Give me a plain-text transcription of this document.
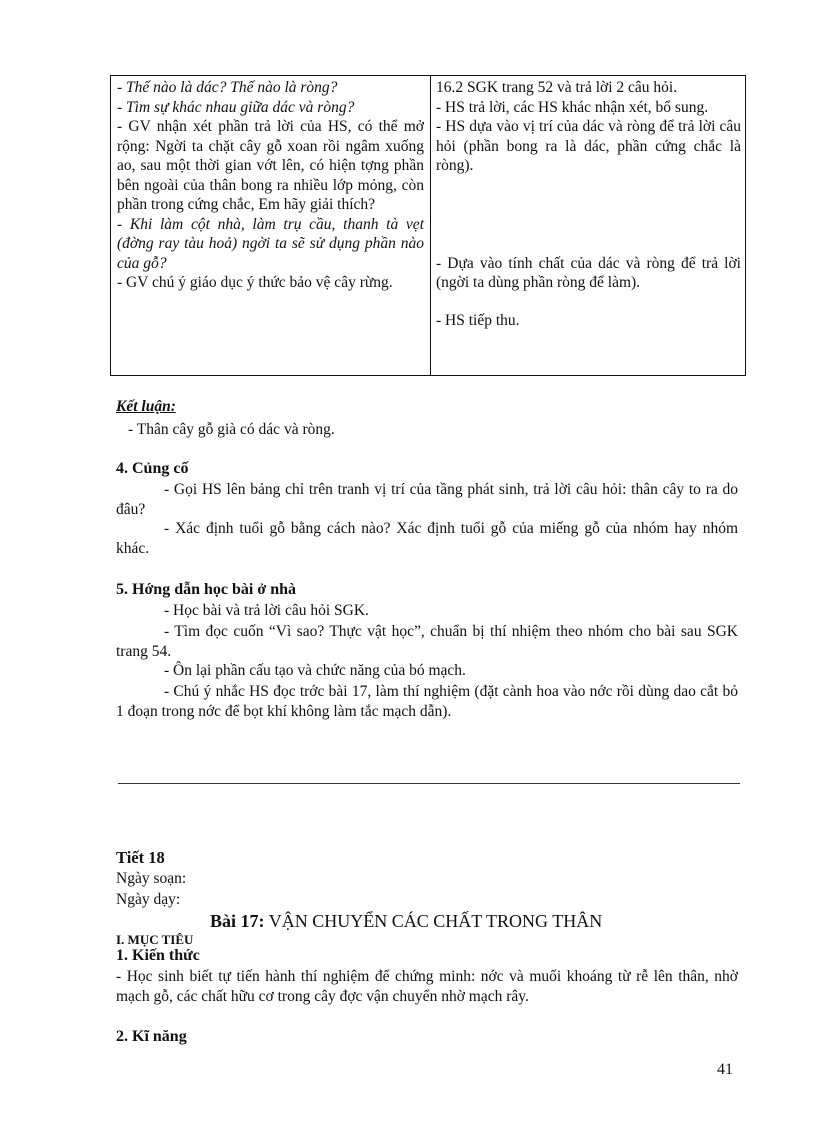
- Thế nào là dác? Thế nào là ròng?
- Tìm sự khác nhau giữa dác và ròng?
- GV nhận xét phần trả lời của HS, có thể mở rộng: Ngời ta chặt cây gỗ xoan rồi ngâm xuống ao, sau một thời gian vớt lên, có hiện tợng phần bên ngoài của thân bong ra nhiều lớp mỏng, còn phần trong cứng chắc, Em hãy giải thích?
- Khi làm cột nhà, làm trụ cầu, thanh tà vẹt (đờng ray tàu hoả) ngời ta sẽ sử dụng phần nào của gỗ?
- GV chú ý giáo dục ý thức bảo vệ cây rừng.
16.2 SGK trang 52 và trả lời 2 câu hỏi.
- HS trả lời, các HS khác nhận xét, bổ sung.
- HS dựa vào vị trí của dác và ròng để trả lời câu hỏi (phần bong ra là dác, phần cứng chắc là ròng).
- Dựa vào tính chất của dác và ròng để trả lời (ngời ta dùng phần ròng để làm).
- HS tiếp thu.
Kết luận:
- Thân cây gỗ già có dác và ròng.
4. Củng cố
- Gọi HS lên bảng chỉ trên tranh vị trí của tầng phát sinh, trả lời câu hỏi: thân cây to ra do đâu?
- Xác định tuổi gỗ bằng cách nào? Xác định tuổi gỗ của miếng gỗ của nhóm hay nhóm khác.
5. Hớng dẫn học bài ở nhà
- Học bài và trả lời câu hỏi SGK.
- Tìm đọc cuốn “Vì sao? Thực vật học”, chuẩn bị thí nhiệm theo nhóm cho bài sau SGK trang 54.
- Ôn lại phần cấu tạo và chức năng của bó mạch.
- Chú ý nhắc HS đọc trớc bài 17, làm thí nghiệm (đặt cành hoa vào nớc rồi dùng dao cắt bỏ 1 đoạn trong nớc để bọt khí không làm tắc mạch dẫn).
Tiết 18
Ngày soạn:
Ngày dạy:
Bài 17: VẬN CHUYỂN CÁC CHẤT TRONG THÂN
I. MỤC TIÊU
1. Kiến thức
- Học sinh biết tự tiến hành thí nghiệm để chứng minh: nớc và muối khoáng từ rễ lên thân, nhờ mạch gỗ, các chất hữu cơ trong cây đợc vận chuyển nhờ mạch rây.
2. Kĩ năng
41
